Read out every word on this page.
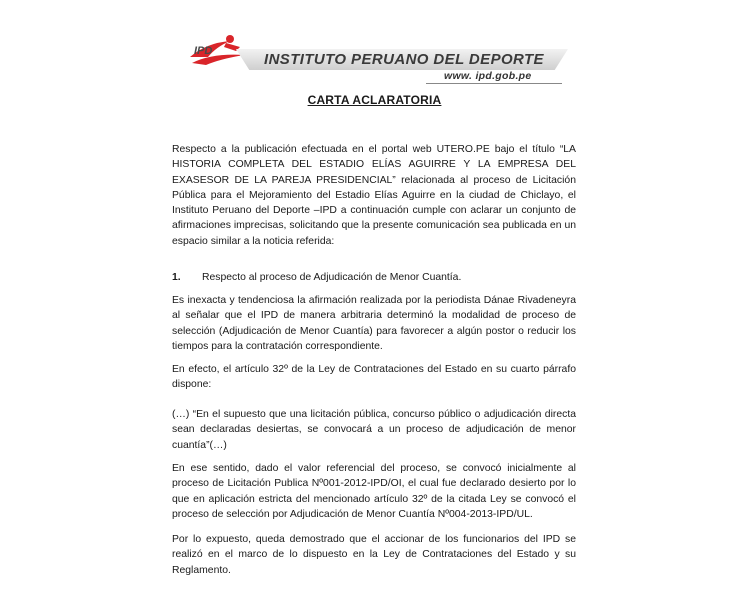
IPD	INSTITUTO PERUANO DEL DEPORTE
www. ipd.gob.pe
CARTA ACLARATORIA

Respecto a la publicación efectuada en el portal web UTERO.PE bajo el título “LA HISTORIA COMPLETA DEL ESTADIO ELÍAS AGUIRRE Y LA EMPRESA DEL EXASESOR DE LA PAREJA PRESIDENCIAL” relacionada al proceso de Licitación Pública para el Mejoramiento del Estadio Elías Aguirre en la ciudad de Chiclayo, el Instituto Peruano del Deporte –IPD a continuación cumple con aclarar un conjunto de afirmaciones imprecisas, solicitando que la presente comunicación sea publicada en un espacio similar a la noticia referida:

1. Respecto al proceso de Adjudicación de Menor Cuantía.

Es inexacta y tendenciosa la afirmación realizada por la periodista Dánae Rivadeneyra al señalar que el IPD de manera arbitraria determinó la modalidad de proceso de selección (Adjudicación de Menor Cuantía) para favorecer a algún postor o reducir los tiempos para la contratación correspondiente.

En efecto, el artículo 32º de la Ley de Contrataciones del Estado en su cuarto párrafo dispone:

(…) “En el supuesto que una licitación pública, concurso público o adjudicación directa sean declaradas desiertas, se convocará a un proceso de adjudicación de menor cuantía”(…)

En ese sentido, dado el valor referencial del proceso, se convocó inicialmente al proceso de Licitación Publica Nº001-2012-IPD/OI, el cual fue declarado desierto por lo que en aplicación estricta del mencionado artículo 32º de la citada Ley se convocó el proceso de selección por Adjudicación de Menor Cuantía Nº004-2013-IPD/UL.

Por lo expuesto, queda demostrado que el accionar de los funcionarios del IPD se realizó en el marco de lo dispuesto en la Ley de Contrataciones del Estado y su Reglamento.
